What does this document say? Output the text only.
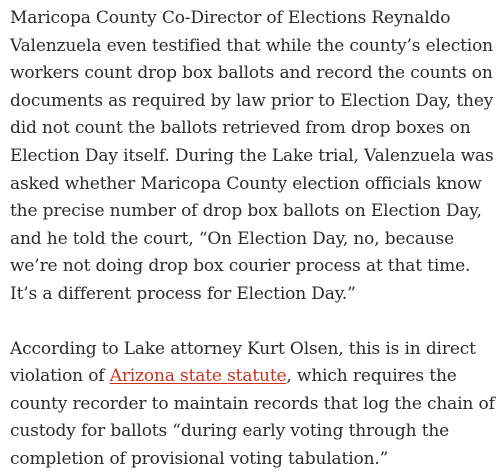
Maricopa County Co-Director of Elections Reynaldo Valenzuela even testified that while the county’s election workers count drop box ballots and record the counts on documents as required by law prior to Election Day, they did not count the ballots retrieved from drop boxes on Election Day itself. During the Lake trial, Valenzuela was asked whether Maricopa County election officials know the precise number of drop box ballots on Election Day, and he told the court, “On Election Day, no, because we’re not doing drop box courier process at that time. It’s a different process for Election Day.”

According to Lake attorney Kurt Olsen, this is in direct violation of Arizona state statute, which requires the county recorder to maintain records that log the chain of custody for ballots “during early voting through the completion of provisional voting tabulation.”
